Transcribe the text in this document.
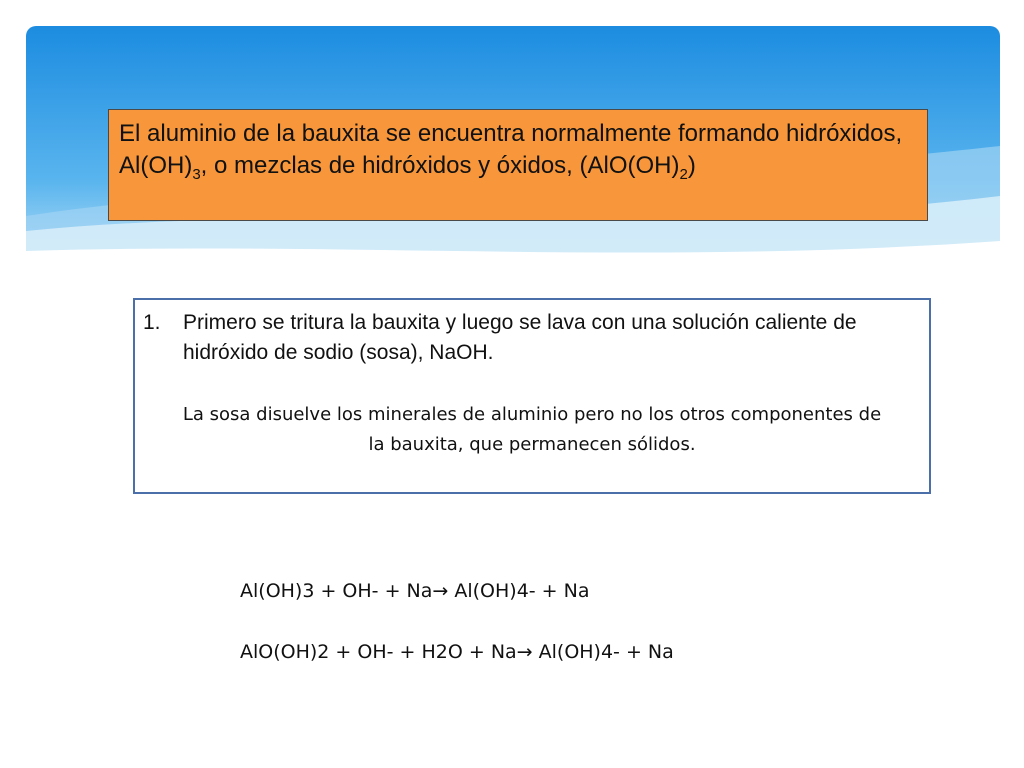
El aluminio de la bauxita se encuentra normalmente formando hidróxidos, $Al(OH)_3$, o mezclas de hidróxidos y óxidos, $(AlO(OH)_2)$
1.	Primero se tritura la bauxita y luego se lava con una solución caliente de hidróxido de sodio (sosa), NaOH.
La sosa disuelve los minerales de aluminio pero no los otros componentes de la bauxita, que permanecen sólidos.
Al(OH)3 + OH- + Na→ Al(OH)4- + Na
AlO(OH)2 + OH- + H2O + Na→ Al(OH)4- + Na
